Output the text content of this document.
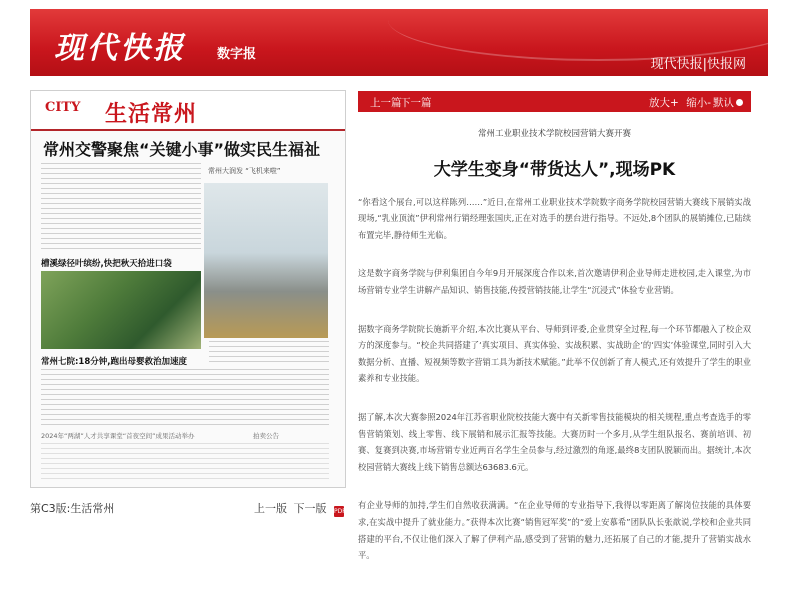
现代快报 数字报
现代快报|快报网
CITY 生活常州
常州交警聚焦“关键小事”做实民生福祉
常州大润发 “飞机来啦”
槽溪绿径叶缤纷,快把秋天拾进口袋
常州七院:18分钟,跑出母婴救治加速度
2024年“两湖”人才共享课堂“首夜空间”成果活动举办	拍卖公告
第C3版:生活常州	上一版 下一版 PDF
上一篇
下一篇	放大+ 缩小- 默认

常州工业职业技术学院校园营销大赛开赛

大学生变身“带货达人”,现场PK

“你看这个展台,可以这样陈列……”近日,在常州工业职业技术学院数字商务学院校园营销大赛线下展销实战现场,“乳业顶流”伊利常州行销经理张国庆,正在对选手的摆台进行指导。不远处,8个团队的展销摊位,已陆续布置完毕,静待师生光临。

这是数字商务学院与伊利集团自今年9月开展深度合作以来,首次邀请伊利企业导师走进校园,走入课堂,为市场营销专业学生讲解产品知识、销售技能,传授营销技能,让学生“沉浸式”体验专业营销。

据数字商务学院院长施新平介绍,本次比赛从平台、导师到评委,企业贯穿全过程,每一个环节都融入了校企双方的深度参与。“校企共同搭建了‘真实项目、真实体验、实战积累、实战助企’的‘四实’体验课堂,同时引入大数据分析、直播、短视频等数字营销工具为新技术赋能。”此举不仅创新了育人模式,还有效提升了学生的职业素养和专业技能。

据了解,本次大赛参照2024年江苏省职业院校技能大赛中有关新零售技能模块的相关规程,重点考查选手的零售营销策划、线上零售、线下展销和展示汇报等技能。大赛历时一个多月,从学生组队报名、赛前培训、初赛、复赛到决赛,市场营销专业近两百名学生全员参与,经过激烈的角逐,最终8支团队脱颖而出。据统计,本次校园营销大赛线上线下销售总额达63683.6元。

有企业导师的加持,学生们自然收获满满。“在企业导师的专业指导下,我得以零距离了解岗位技能的具体要求,在实战中提升了就业能力。”获得本次比赛“销售冠军奖”的“爱上安慕希”团队队长张歆说,学校和企业共同搭建的平台,不仅让他们深入了解了伊利产品,感受到了营销的魅力,还拓展了自己的才能,提升了营销实战水平。
